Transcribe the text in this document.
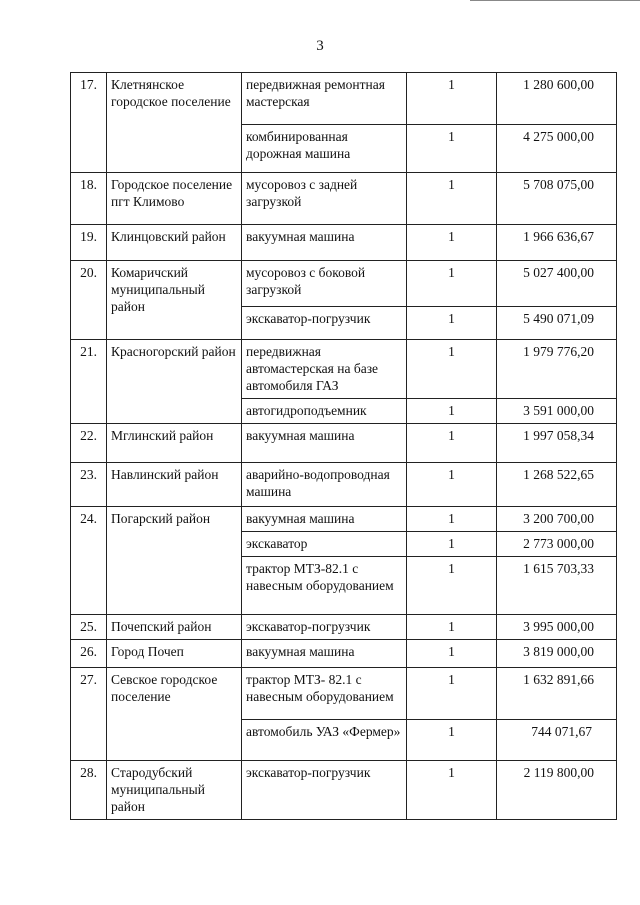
3
17.	Клетнянское городское поселение	передвижная ремонтная мастерская	1	1 280 600,00
		комбинированная дорожная машина	1	4 275 000,00
18.	Городское поселение пгт Климово	мусоровоз с задней загрузкой	1	5 708 075,00
19.	Клинцовский район	вакуумная машина	1	1 966 636,67
20.	Комаричский муниципальный район	мусоровоз с боковой загрузкой	1	5 027 400,00
		экскаватор-погрузчик	1	5 490 071,09
21.	Красногорский район	передвижная автомастерская на базе автомобиля ГАЗ	1	1 979 776,20
		автогидроподъемник	1	3 591 000,00
22.	Мглинский район	вакуумная машина	1	1 997 058,34
23.	Навлинский район	аварийно-водопроводная машина	1	1 268 522,65
24.	Погарский район	вакуумная машина	1	3 200 700,00
		экскаватор	1	2 773 000,00
		трактор МТЗ-82.1 с навесным оборудованием	1	1 615 703,33
25.	Почепский район	экскаватор-погрузчик	1	3 995 000,00
26.	Город Почеп	вакуумная машина	1	3 819 000,00
27.	Севское городское поселение	трактор МТЗ- 82.1 с навесным оборудованием	1	1 632 891,66
		автомобиль УАЗ «Фермер»	1	744 071,67
28.	Стародубский муниципальный район	экскаватор-погрузчик	1	2 119 800,00
